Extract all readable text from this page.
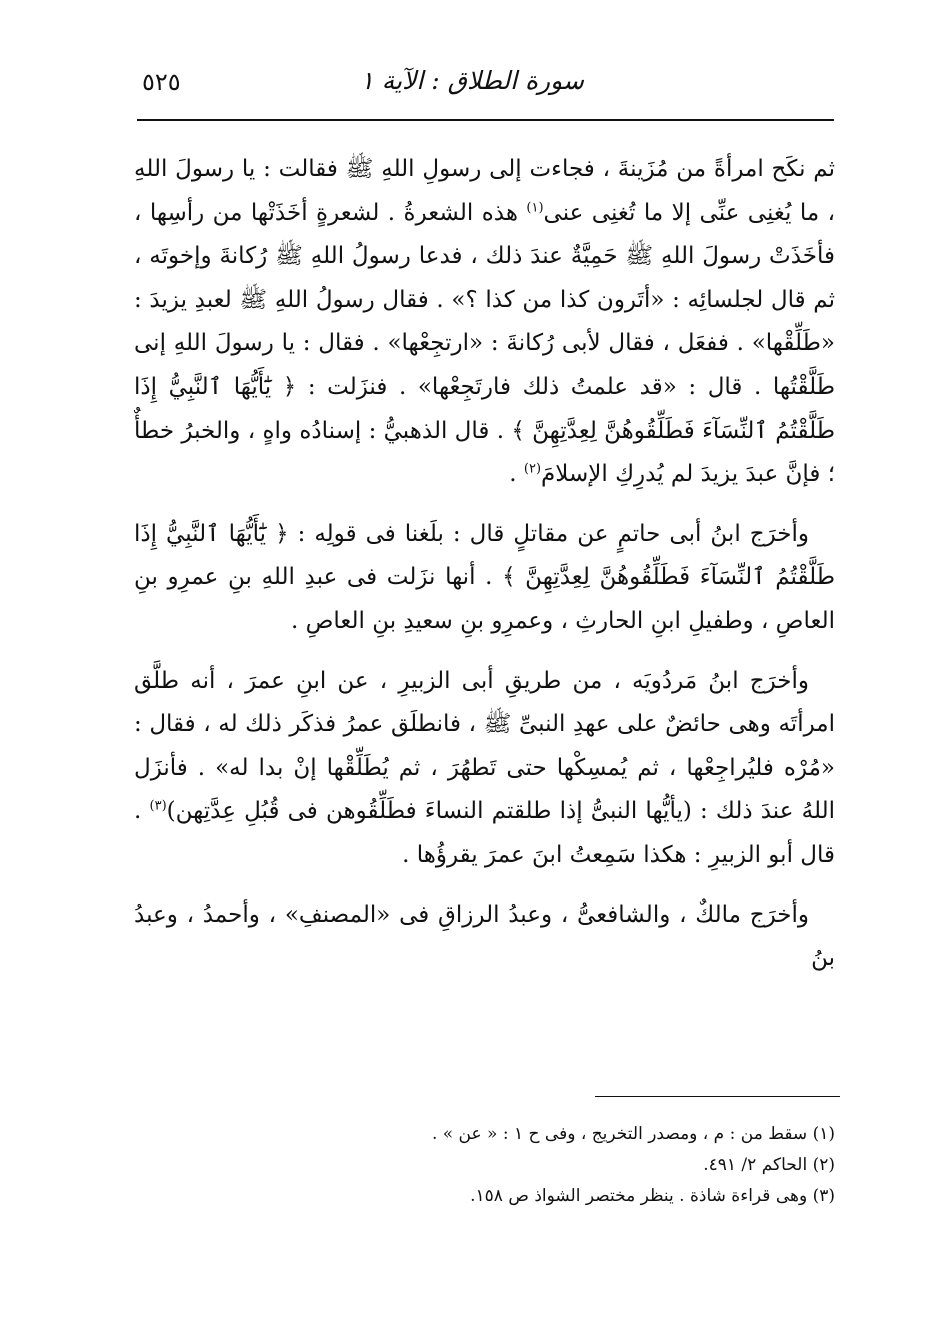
سورة الطلاق : الآية ١
٥٢٥

ثم نكَح امرأةً من مُزَينةَ ، فجاءت إلى رسولِ اللهِ ﷺ فقالت : يا رسولَ اللهِ ، ما يُغنِى عنِّى إلا ما تُغنِى عنى$^{(١)}$ هذه الشعرةُ . لشعرةٍ أخَذَتْها من رأسِها ، فأخَذَتْ رسولَ اللهِ ﷺ حَمِيَّةٌ عندَ ذلك ، فدعا رسولُ اللهِ ﷺ رُكانةَ وإخوتَه ، ثم قال لجلسائِه : «أتَرون كذا من كذا ؟» . فقال رسولُ اللهِ ﷺ لعبدِ يزيدَ : «طَلِّقْها» . ففعَل ، فقال لأبى رُكانةَ : «ارتجِعْها» . فقال : يا رسولَ اللهِ إنى طَلَّقْتُها . قال : «قد علمتُ ذلك فارتَجِعْها» . فنزَلت : ﴿ يَٰٓأَيُّهَا ٱلنَّبِيُّ إِذَا طَلَّقْتُمُ ٱلنِّسَآءَ فَطَلِّقُوهُنَّ لِعِدَّتِهِنَّ ﴾ . قال الذهبيُّ : إسنادُه واهٍ ، والخبرُ خطأٌ ؛ فإنَّ عبدَ يزيدَ لم يُدرِكِ الإسلامَ$^{(٢)}$ .

وأخرَج ابنُ أبى حاتمٍ عن مقاتلٍ قال : بلَغنا فى قولِه : ﴿ يَٰٓأَيُّهَا ٱلنَّبِيُّ إِذَا طَلَّقْتُمُ ٱلنِّسَآءَ فَطَلِّقُوهُنَّ لِعِدَّتِهِنَّ ﴾ . أنها نزَلت فى عبدِ اللهِ بنِ عمرِو بنِ العاصِ ، وطفيلِ ابنِ الحارثِ ، وعمرِو بنِ سعيدِ بنِ العاصِ .

وأخرَج ابنُ مَردُويَه ، من طريقِ أبى الزبيرِ ، عن ابنِ عمرَ ، أنه طلَّق امرأتَه وهى حائضٌ على عهدِ النبىِّ ﷺ ، فانطلَق عمرُ فذكَر ذلك له ، فقال : «مُرْه فليُراجِعْها ، ثم يُمسِكْها حتى تَطهُرَ ، ثم يُطَلِّقْها إنْ بدا له» . فأنزَل اللهُ عندَ ذلك : (يأيُّها النبىُّ إذا طلقتم النساءَ فطَلِّقُوهن فى قُبُلِ عِدَّتِهن)$^{(٣)}$ . قال أبو الزبيرِ : هكذا سَمِعتُ ابنَ عمرَ يقرؤُها .

وأخرَج مالكٌ ، والشافعىُّ ، وعبدُ الرزاقِ فى «المصنفِ» ، وأحمدُ ، وعبدُ بنُ

(١) سقط من : م ، ومصدر التخريج ، وفى ح ١ : « عن » .
(٢) الحاكم ٢/ ٤٩١.
(٣) وهى قراءة شاذة . ينظر مختصر الشواذ ص ١٥٨.
